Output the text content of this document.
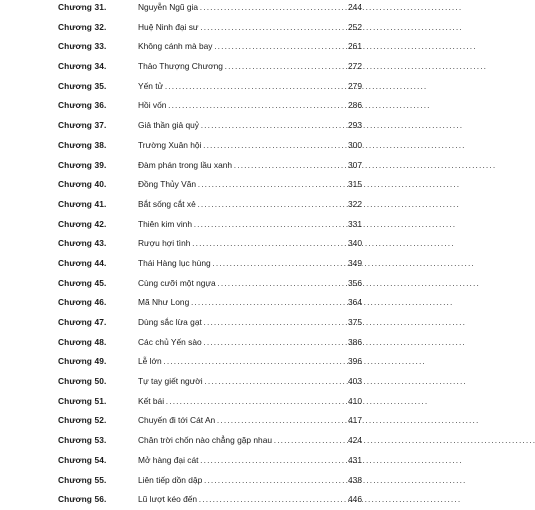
Chương 31.	Nguyễn Ngũ gia . . .	244
Chương 32.	Huệ Ninh đại sư . . .	252
Chương 33.	Không cánh mà bay . . .	261
Chương 34.	Thảo Thượng Chương . . .	272
Chương 35.	Yến tử . . .	279
Chương 36.	Hồi vốn . . .	286
Chương 37.	Giả thần giả quỷ . . .	293
Chương 38.	Trường Xuân hội . . .	300
Chương 39.	Đàm phán trong lầu xanh . . .	307
Chương 40.	Đồng Thủy Văn . . .	315
Chương 41.	Bắt sống cắt xẻ . . .	322
Chương 42.	Thiên kim vinh . . .	331
Chương 43.	Rượu hợi tình . . .	340
Chương 44.	Thái Hàng lục hùng . . .	349
Chương 45.	Cùng cưỡi một ngựa . . .	356
Chương 46.	Mã Như Long . . .	364
Chương 47.	Dùng sắc lừa gạt . . .	375
Chương 48.	Các chủ Yến sào . . .	386
Chương 49.	Lễ lớn . . .	396
Chương 50.	Tự tay giết người . . .	403
Chương 51.	Kết bái . . .	410
Chương 52.	Chuyến đi tới Cát An . . .	417
Chương 53.	Chân trời chốn nào chẳng gặp nhau . . .	424
Chương 54.	Mở hàng đại cát . . .	431
Chương 55.	Liên tiếp dồn dập . . .	438
Chương 56.	Lũ lượt kéo đến . . .	446
